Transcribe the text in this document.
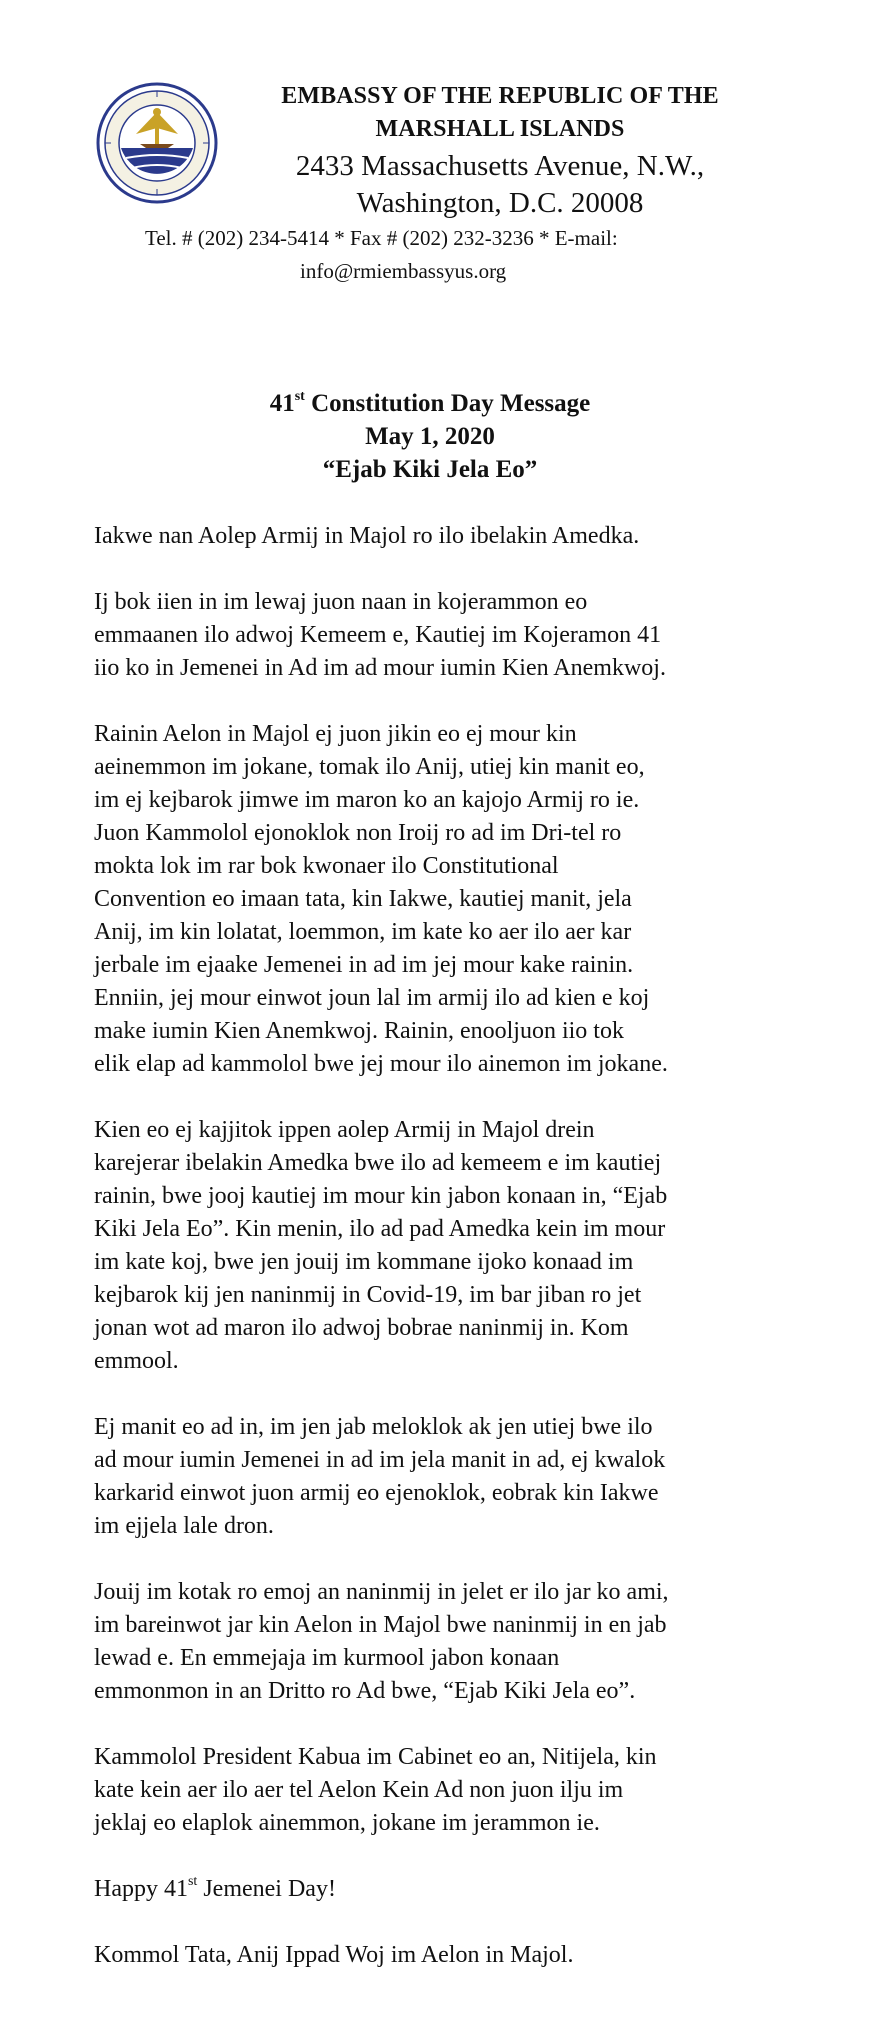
EMBASSY OF THE REPUBLIC OF THE
MARSHALL ISLANDS
2433 Massachusetts Avenue, N.W.,
Washington, D.C. 20008
Tel. # (202) 234-5414 * Fax # (202) 232-3236 * E-mail:
info@rmiembassyus.org
41st Constitution Day Message
May 1, 2020
“Ejab Kiki Jela Eo”

Iakwe nan Aolep Armij in Majol ro ilo ibelakin Amedka.

Ij bok iien in im lewaj juon naan in kojerammon eo
emmaanen ilo adwoj Kemeem e, Kautiej im Kojeramon 41
iio ko in Jemenei in Ad im ad mour iumin Kien Anemkwoj.

Rainin Aelon in Majol ej juon jikin eo ej mour kin
aeinemmon im jokane, tomak ilo Anij, utiej kin manit eo,
im ej kejbarok jimwe im maron ko an kajojo Armij ro ie.
Juon Kammolol ejonoklok non Iroij ro ad im Dri-tel ro
mokta lok im rar bok kwonaer ilo Constitutional
Convention eo imaan tata, kin Iakwe, kautiej manit, jela
Anij, im kin lolatat, loemmon, im kate ko aer ilo aer kar
jerbale im ejaake Jemenei in ad im jej mour kake rainin.
Enniin, jej mour einwot joun lal im armij ilo ad kien e koj
make iumin Kien Anemkwoj. Rainin, enooljuon iio tok
elik elap ad kammolol bwe jej mour ilo ainemon im jokane.

Kien eo ej kajjitok ippen aolep Armij in Majol drein
karejerar ibelakin Amedka bwe ilo ad kemeem e im kautiej
rainin, bwe jooj kautiej im mour kin jabon konaan in, “Ejab
Kiki Jela Eo”. Kin menin, ilo ad pad Amedka kein im mour
im kate koj, bwe jen jouij im kommane ijoko konaad im
kejbarok kij jen naninmij in Covid-19, im bar jiban ro jet
jonan wot ad maron ilo adwoj bobrae naninmij in. Kom
emmool.

Ej manit eo ad in, im jen jab meloklok ak jen utiej bwe ilo
ad mour iumin Jemenei in ad im jela manit in ad, ej kwalok
karkarid einwot juon armij eo ejenoklok, eobrak kin Iakwe
im ejjela lale dron.

Jouij im kotak ro emoj an naninmij in jelet er ilo jar ko ami,
im bareinwot jar kin Aelon in Majol bwe naninmij in en jab
lewad e. En emmejaja im kurmool jabon konaan
emmonmon in an Dritto ro Ad bwe, “Ejab Kiki Jela eo”.

Kammolol President Kabua im Cabinet eo an, Nitijela, kin
kate kein aer ilo aer tel Aelon Kein Ad non juon ilju im
jeklaj eo elaplok ainemmon, jokane im jerammon ie.

Happy 41st Jemenei Day!

Kommol Tata, Anij Ippad Woj im Aelon in Majol.
